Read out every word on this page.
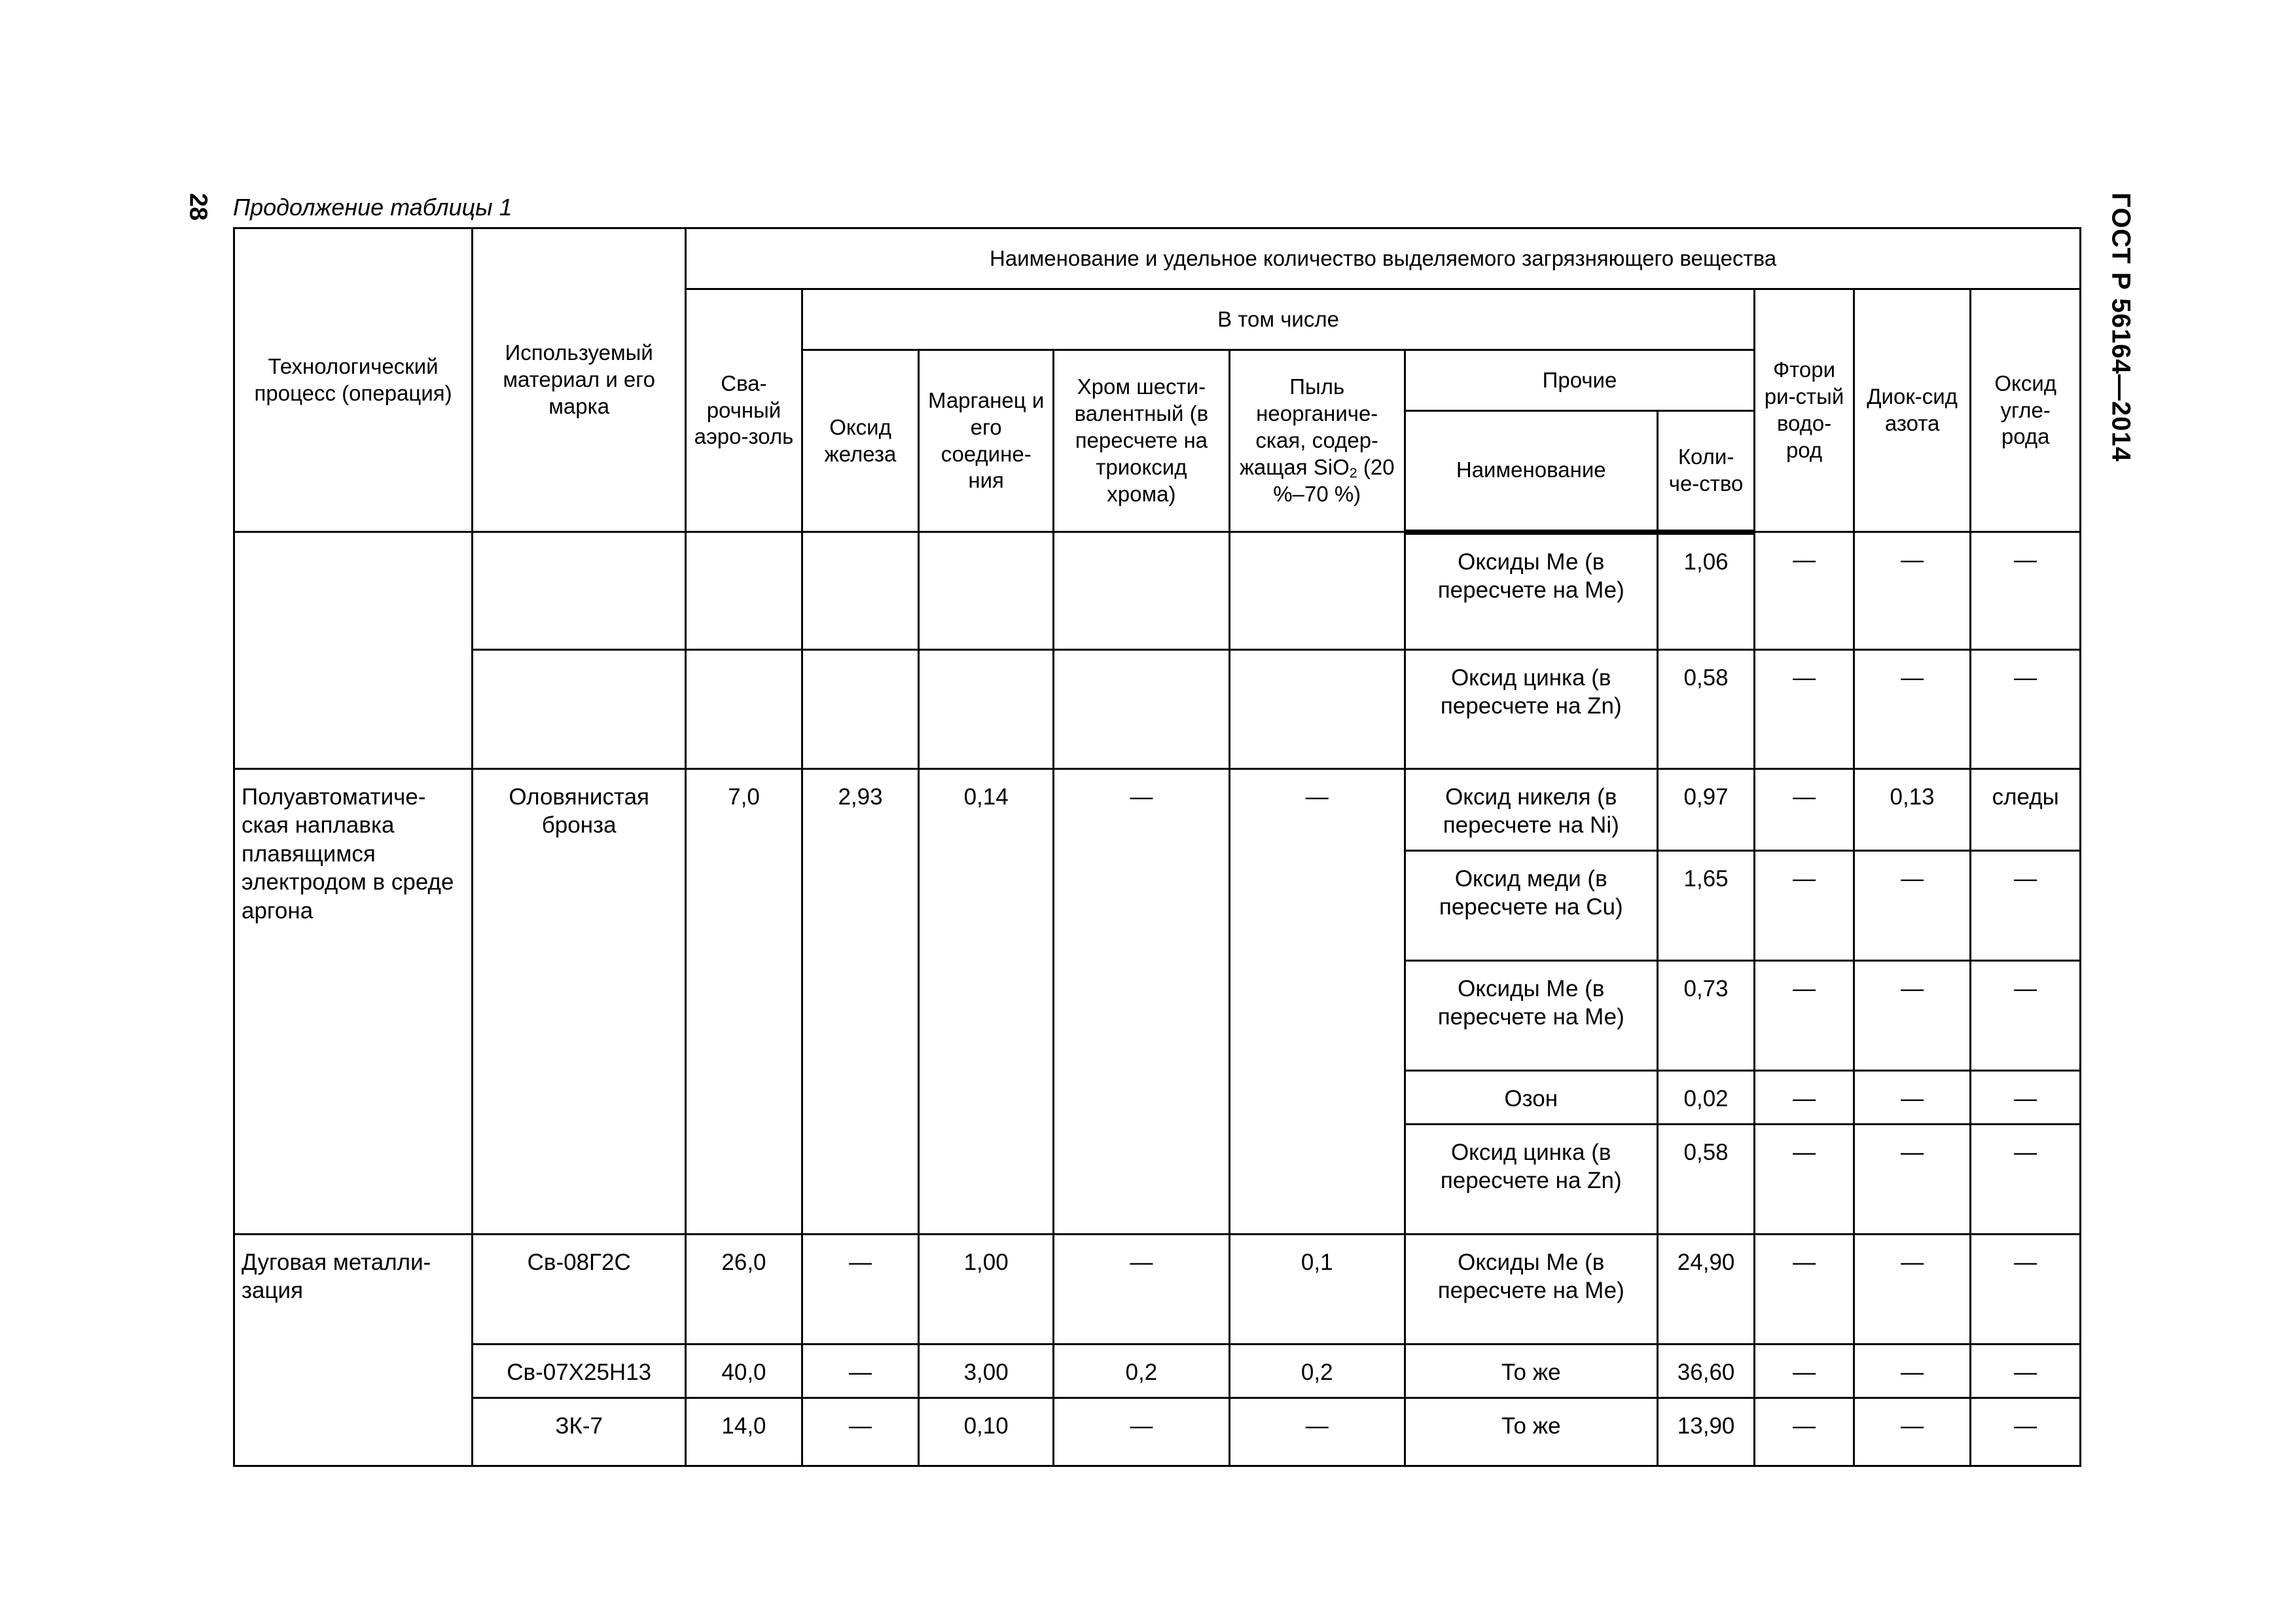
28	ГОСТ Р 56164—2014
Продолжение таблицы 1
Технологический процесс (операция)	Используемый материал и его марка	Наименование и удельное количество выделяемого загрязняющего вещества									
		Сва-рочный аэро-золь	В том числе						Фтори ри-стый водо-род	Диок-сид азота	Оксид угле-рода
			Оксид железа	Марганец и его соедине-ния	Хром шести-валентный (в пересчете на триоксид хрома)	Пыль неорганиче-ская, содер-жащая SiO$_2$ (20 %–70 %)	Прочие				
							Наименование	Коли-че-ство			
							Оксиды Ме (в пересчете на Ме)	1,06	—	—	—
							Оксид цинка (в пересчете на Zn)	0,58	—	—	—
Полуавтоматиче-ская наплавка плавящимся электродом в среде аргона	Оловянистая бронза	7,0	2,93	0,14	—	—	Оксид никеля (в пересчете на Ni)	0,97	—	0,13	следы
							Оксид меди (в пересчете на Cu)	1,65	—	—	—
							Оксиды Ме (в пересчете на Ме)	0,73	—	—	—
							Озон	0,02	—	—	—
							Оксид цинка (в пересчете на Zn)	0,58	—	—	—
Дуговая металли-зация	Св-08Г2С	26,0	—	1,00	—	0,1	Оксиды Ме (в пересчете на Ме)	24,90	—	—	—
	Св-07Х25Н13	40,0	—	3,00	0,2	0,2	То же	36,60	—	—	—
	ЗК-7	14,0	—	0,10	—	—	То же	13,90	—	—	—
